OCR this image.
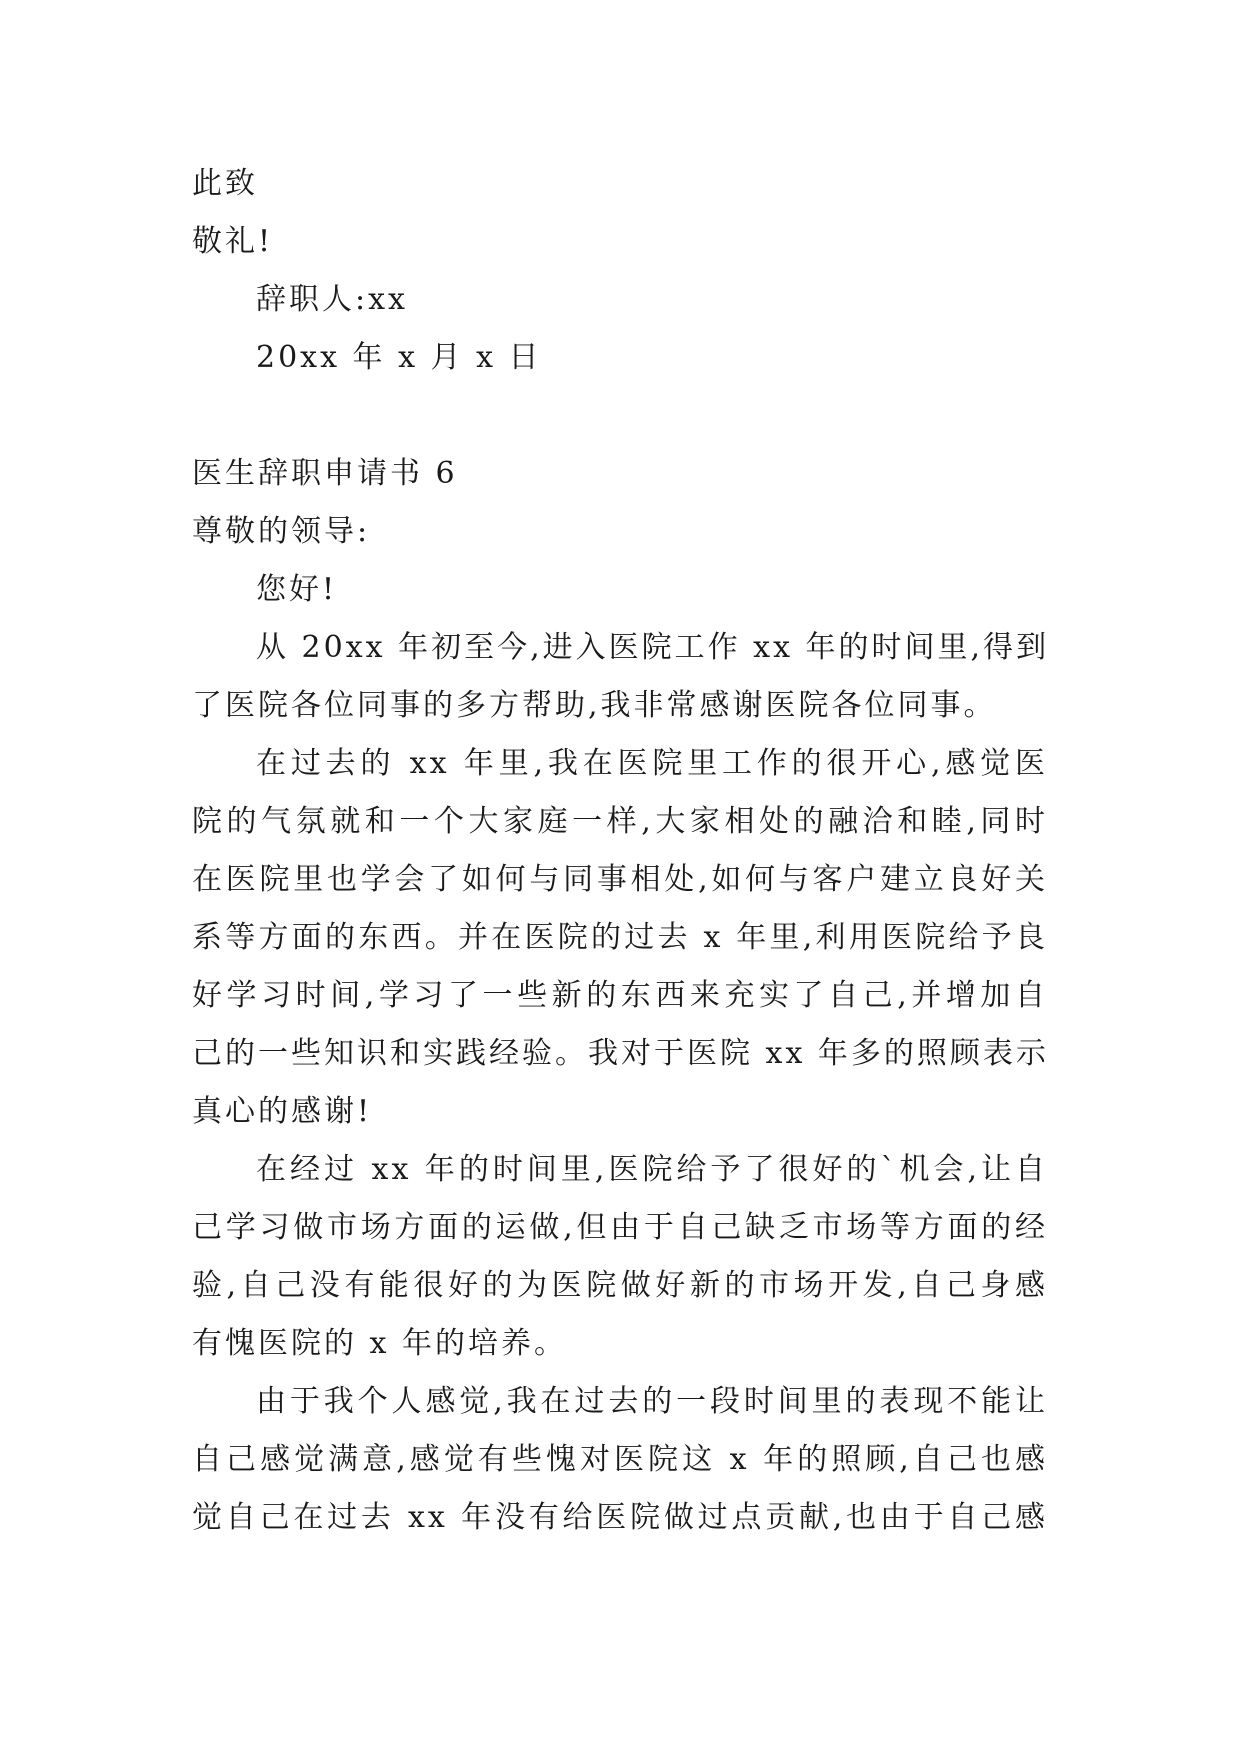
此致
敬礼!
辞职人:xx
20xx 年 x 月 x 日
医生辞职申请书 6
尊敬的领导:
您好!
从 20xx 年初至今,进入医院工作 xx 年的时间里,得到
了医院各位同事的多方帮助,我非常感谢医院各位同事。
在过去的 xx 年里,我在医院里工作的很开心,感觉医
院的气氛就和一个大家庭一样,大家相处的融洽和睦,同时
在医院里也学会了如何与同事相处,如何与客户建立良好关
系等方面的东西。并在医院的过去 x 年里,利用医院给予良
好学习时间,学习了一些新的东西来充实了自己,并增加自
己的一些知识和实践经验。我对于医院 xx 年多的照顾表示
真心的感谢!
在经过 xx 年的时间里,医院给予了很好的`机会,让自
己学习做市场方面的运做,但由于自己缺乏市场等方面的经
验,自己没有能很好的为医院做好新的市场开发,自己身感
有愧医院的 x 年的培养。
由于我个人感觉,我在过去的一段时间里的表现不能让
自己感觉满意,感觉有些愧对医院这 x 年的照顾,自己也感
觉自己在过去 xx 年没有给医院做过点贡献,也由于自己感
